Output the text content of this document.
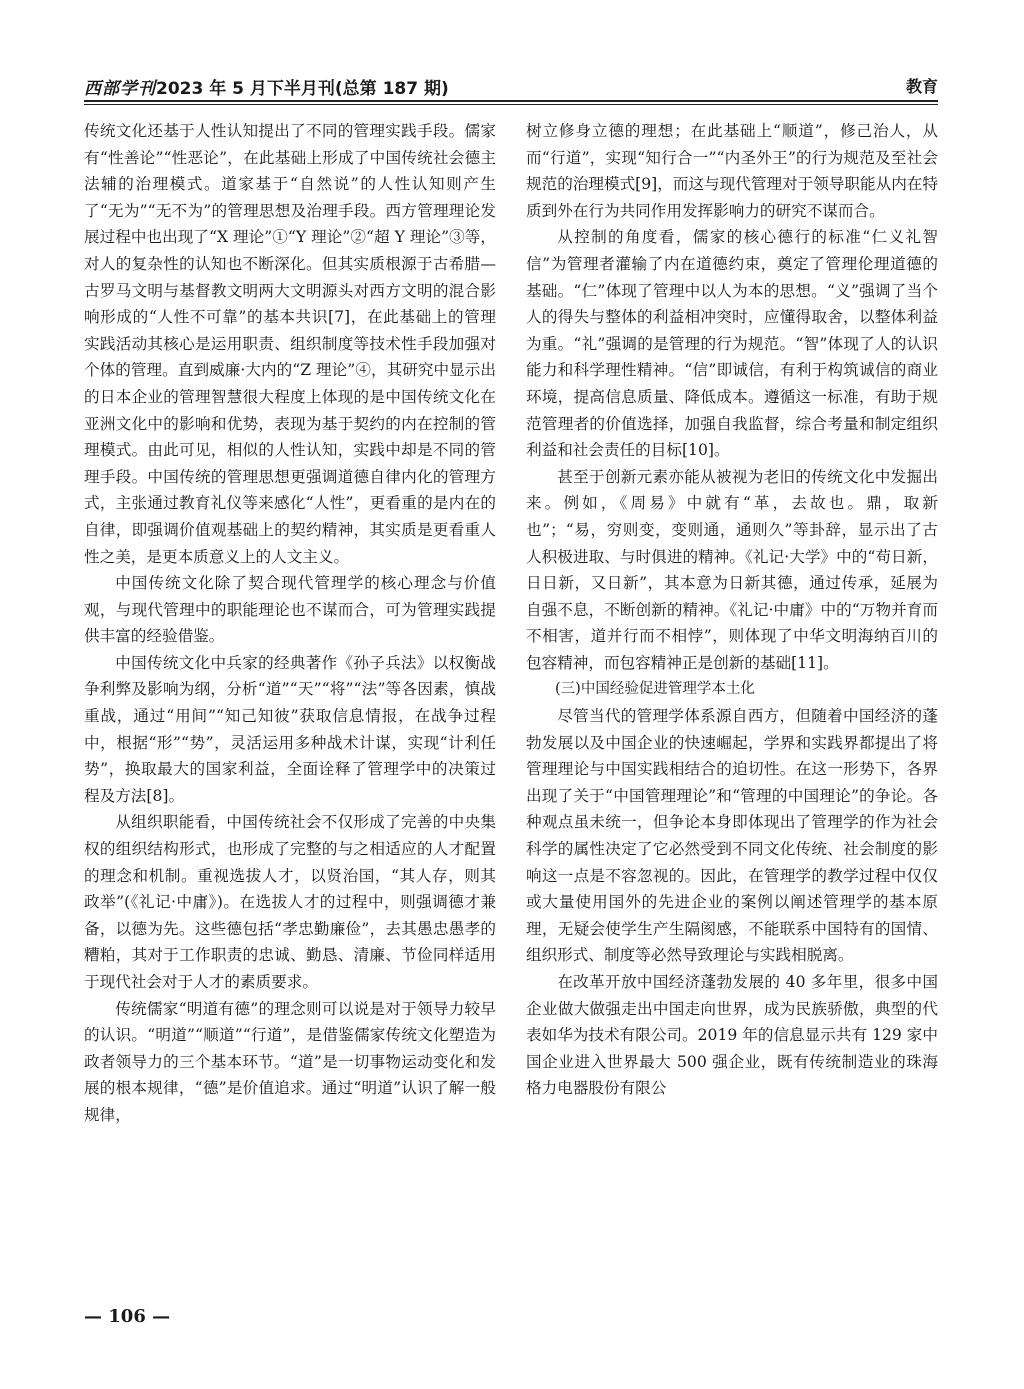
西部学刊2023 年 5 月下半月刊(总第 187 期)	教育

传统文化还基于人性认知提出了不同的管理实践手段。儒家有“性善论”“性恶论”，在此基础上形成了中国传统社会德主法辅的治理模式。道家基于“自然说”的人性认知则产生了“无为”“无不为”的管理思想及治理手段。西方管理理论发展过程中也出现了“X 理论”①“Y 理论”②“超 Y 理论”③等，对人的复杂性的认知也不断深化。但其实质根源于古希腊—古罗马文明与基督教文明两大文明源头对西方文明的混合影响形成的“人性不可靠”的基本共识[7]，在此基础上的管理实践活动其核心是运用职责、组织制度等技术性手段加强对个体的管理。直到威廉·大内的“Z 理论”④，其研究中显示出的日本企业的管理智慧很大程度上体现的是中国传统文化在亚洲文化中的影响和优势，表现为基于契约的内在控制的管理模式。由此可见，相似的人性认知，实践中却是不同的管理手段。中国传统的管理思想更强调道德自律内化的管理方式，主张通过教育礼仪等来感化“人性”，更看重的是内在的自律，即强调价值观基础上的契约精神，其实质是更看重人性之美，是更本质意义上的人文主义。

中国传统文化除了契合现代管理学的核心理念与价值观，与现代管理中的职能理论也不谋而合，可为管理实践提供丰富的经验借鉴。

中国传统文化中兵家的经典著作《孙子兵法》以权衡战争利弊及影响为纲，分析“道”“天”“将”“法”等各因素，慎战重战，通过“用间”“知己知彼”获取信息情报，在战争过程中，根据“形”“势”，灵活运用多种战术计谋，实现“计利任势”，换取最大的国家利益，全面诠释了管理学中的决策过程及方法[8]。

从组织职能看，中国传统社会不仅形成了完善的中央集权的组织结构形式，也形成了完整的与之相适应的人才配置的理念和机制。重视选拔人才，以贤治国，“其人存，则其政举”(《礼记·中庸》)。在选拔人才的过程中，则强调德才兼备，以德为先。这些德包括“孝忠勤廉俭”，去其愚忠愚孝的糟粕，其对于工作职责的忠诚、勤恳、清廉、节俭同样适用于现代社会对于人才的素质要求。

传统儒家“明道有德”的理念则可以说是对于领导力较早的认识。“明道”“顺道”“行道”，是借鉴儒家传统文化塑造为政者领导力的三个基本环节。“道”是一切事物运动变化和发展的根本规律，“德”是价值追求。通过“明道”认识了解一般规律，

树立修身立德的理想；在此基础上“顺道”，修己治人，从而“行道”，实现“知行合一”“内圣外王”的行为规范及至社会规范的治理模式[9]，而这与现代管理对于领导职能从内在特质到外在行为共同作用发挥影响力的研究不谋而合。

从控制的角度看，儒家的核心德行的标准“仁义礼智信”为管理者灌输了内在道德约束，奠定了管理伦理道德的基础。“仁”体现了管理中以人为本的思想。“义”强调了当个人的得失与整体的利益相冲突时，应懂得取舍，以整体利益为重。“礼”强调的是管理的行为规范。“智”体现了人的认识能力和科学理性精神。“信”即诚信，有利于构筑诚信的商业环境，提高信息质量、降低成本。遵循这一标准，有助于规范管理者的价值选择，加强自我监督，综合考量和制定组织利益和社会责任的目标[10]。

甚至于创新元素亦能从被视为老旧的传统文化中发掘出来。例如，《周易》中就有“革，去故也。鼎，取新也”；“易，穷则变，变则通，通则久”等卦辞，显示出了古人积极进取、与时俱进的精神。《礼记·大学》中的“苟日新，日日新，又日新”，其本意为日新其德，通过传承，延展为自强不息，不断创新的精神。《礼记·中庸》中的“万物并育而不相害，道并行而不相悖”，则体现了中华文明海纳百川的包容精神，而包容精神正是创新的基础[11]。

(三)中国经验促进管理学本土化

尽管当代的管理学体系源自西方，但随着中国经济的蓬勃发展以及中国企业的快速崛起，学界和实践界都提出了将管理理论与中国实践相结合的迫切性。在这一形势下，各界出现了关于“中国管理理论”和“管理的中国理论”的争论。各种观点虽未统一，但争论本身即体现出了管理学的作为社会科学的属性决定了它必然受到不同文化传统、社会制度的影响这一点是不容忽视的。因此，在管理学的教学过程中仅仅或大量使用国外的先进企业的案例以阐述管理学的基本原理，无疑会使学生产生隔阂感，不能联系中国特有的国情、组织形式、制度等必然导致理论与实践相脱离。

在改革开放中国经济蓬勃发展的 40 多年里，很多中国企业做大做强走出中国走向世界，成为民族骄傲，典型的代表如华为技术有限公司。2019 年的信息显示共有 129 家中国企业进入世界最大 500 强企业，既有传统制造业的珠海格力电器股份有限公

— 106 —
